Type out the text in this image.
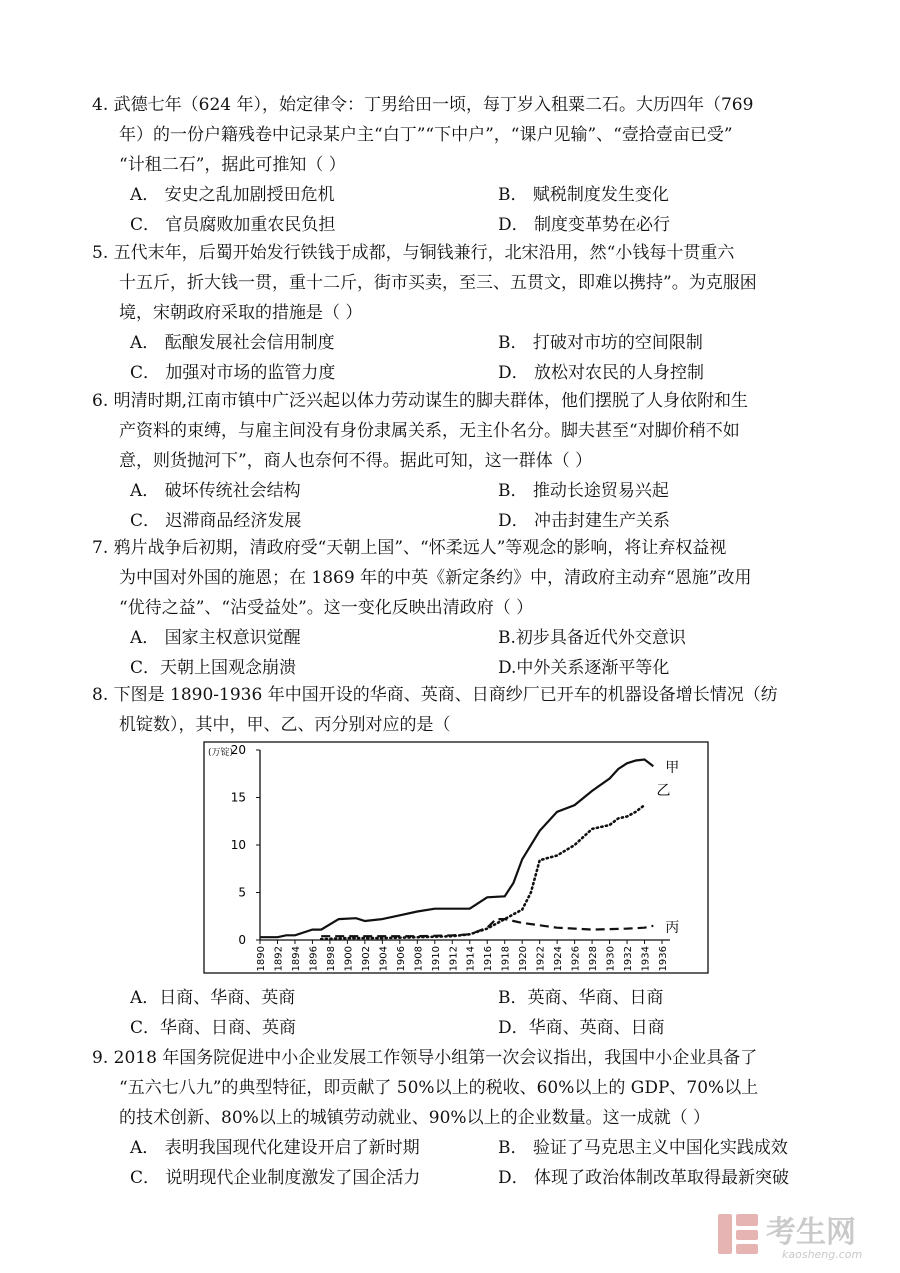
4. 武德七年（624 年），始定律令：丁男给田一顷，每丁岁入租粟二石。大历四年（769
年）的一份户籍残卷中记录某户主“白丁”“下中户”，“课户见输”、“壹拾壹亩已受”
“计租二石”，据此可推知（ ）
A． 安史之乱加剧授田危机	B． 赋税制度发生变化
C． 官员腐败加重农民负担	D． 制度变革势在必行
5. 五代末年，后蜀开始发行铁钱于成都，与铜钱兼行，北宋沿用，然“小钱每十贯重六
十五斤，折大钱一贯，重十二斤，街市买卖，至三、五贯文，即难以携持”。为克服困
境，宋朝政府采取的措施是（ ）
A． 酝酿发展社会信用制度	B． 打破对市坊的空间限制
C． 加强对市场的监管力度	D． 放松对农民的人身控制
6. 明清时期,江南市镇中广泛兴起以体力劳动谋生的脚夫群体，他们摆脱了人身依附和生
产资料的束缚，与雇主间没有身份隶属关系，无主仆名分。脚夫甚至“对脚价稍不如
意，则货抛河下”，商人也奈何不得。据此可知，这一群体（ ）
A． 破坏传统社会结构	B． 推动长途贸易兴起
C． 迟滞商品经济发展	D． 冲击封建生产关系
7. 鸦片战争后初期，清政府受“天朝上国”、“怀柔远人”等观念的影响，将让弃权益视
为中国对外国的施恩；在 1869 年的中英《新定条约》中，清政府主动弃“恩施”改用
“优待之益”、“沾受益处”。这一变化反映出清政府（ ）
A． 国家主权意识觉醒	B.初步具备近代外交意识
C．天朝上国观念崩溃	D.中外关系逐渐平等化
8. 下图是 1890-1936 年中国开设的华商、英商、日商纱厂已开车的机器设备增长情况（纺
机锭数），其中，甲、乙、丙分别对应的是（
(万锭)
0
5
10
15
20
1890 1892 1894 1896 1898 1900 1902 1904 1906 1908 1910 1912 1914 1916 1918 1920 1922 1924 1926 1928 1930 1932 1934 1936
甲
乙
丙
A．日商、华商、英商	B．英商、华商、日商
C．华商、日商、英商	D．华商、英商、日商
9. 2018 年国务院促进中小企业发展工作领导小组第一次会议指出，我国中小企业具备了
“五六七八九”的典型特征，即贡献了 50%以上的税收、60%以上的 GDP、70%以上
的技术创新、80%以上的城镇劳动就业、90%以上的企业数量。这一成就（ ）
A． 表明我国现代化建设开启了新时期	B． 验证了马克思主义中国化实践成效
C． 说明现代企业制度激发了国企活力	D． 体现了政治体制改革取得最新突破
考生网
kaosheng.com
